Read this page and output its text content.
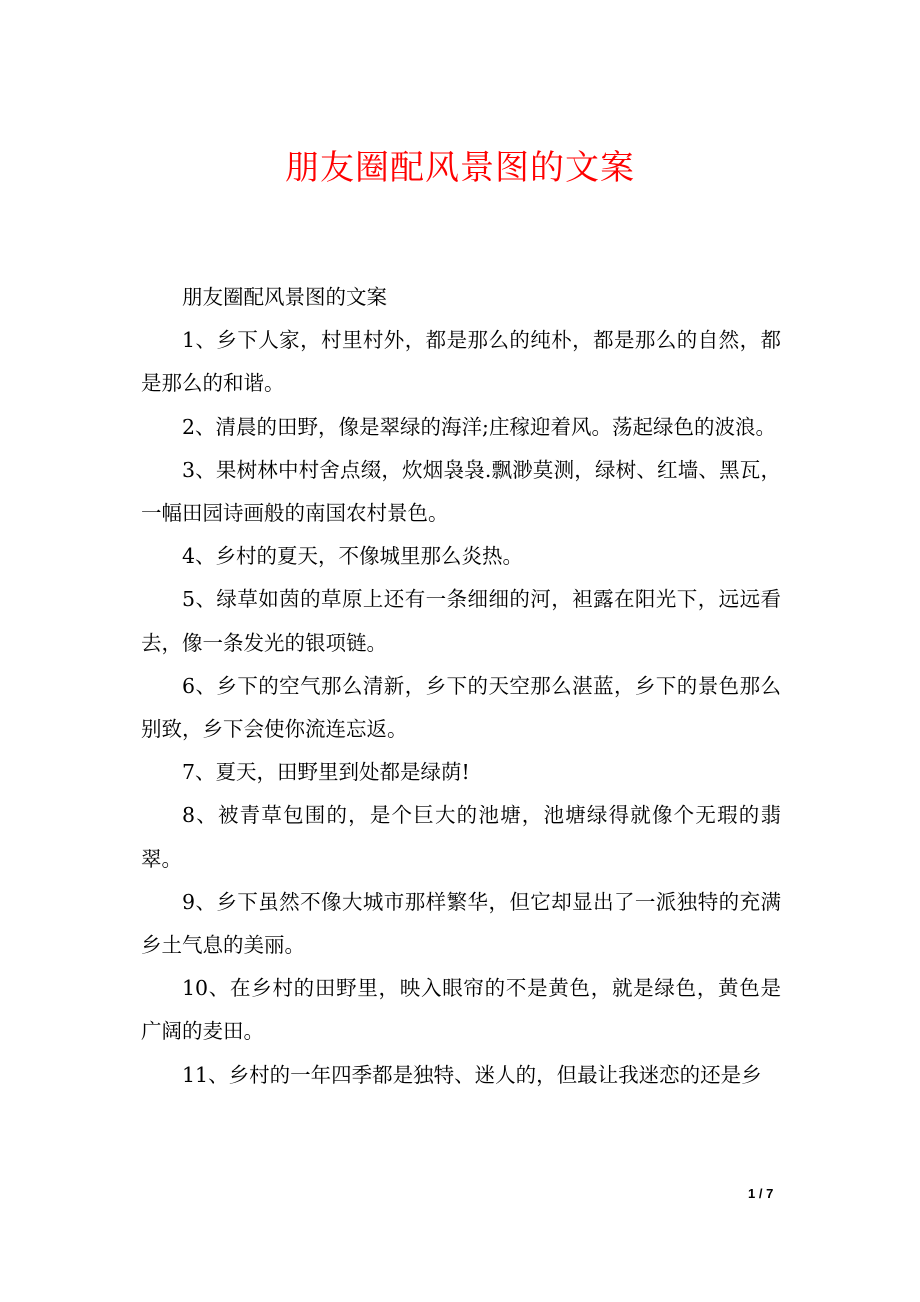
朋友圈配风景图的文案

朋友圈配风景图的文案

1、乡下人家，村里村外，都是那么的纯朴，都是那么的自然，都是那么的和谐。

2、清晨的田野，像是翠绿的海洋;庄稼迎着风。荡起绿色的波浪。

3、果树林中村舍点缀，炊烟袅袅.飘渺莫测，绿树、红墙、黑瓦，一幅田园诗画般的南国农村景色。

4、乡村的夏天，不像城里那么炎热。

5、绿草如茵的草原上还有一条细细的河，袒露在阳光下，远远看去，像一条发光的银项链。

6、乡下的空气那么清新，乡下的天空那么湛蓝，乡下的景色那么别致，乡下会使你流连忘返。

7、夏天，田野里到处都是绿荫!

8、被青草包围的，是个巨大的池塘，池塘绿得就像个无瑕的翡翠。

9、乡下虽然不像大城市那样繁华，但它却显出了一派独特的充满乡土气息的美丽。

10、在乡村的田野里，映入眼帘的不是黄色，就是绿色，黄色是广阔的麦田。

11、乡村的一年四季都是独特、迷人的，但最让我迷恋的还是乡

1 / 7
